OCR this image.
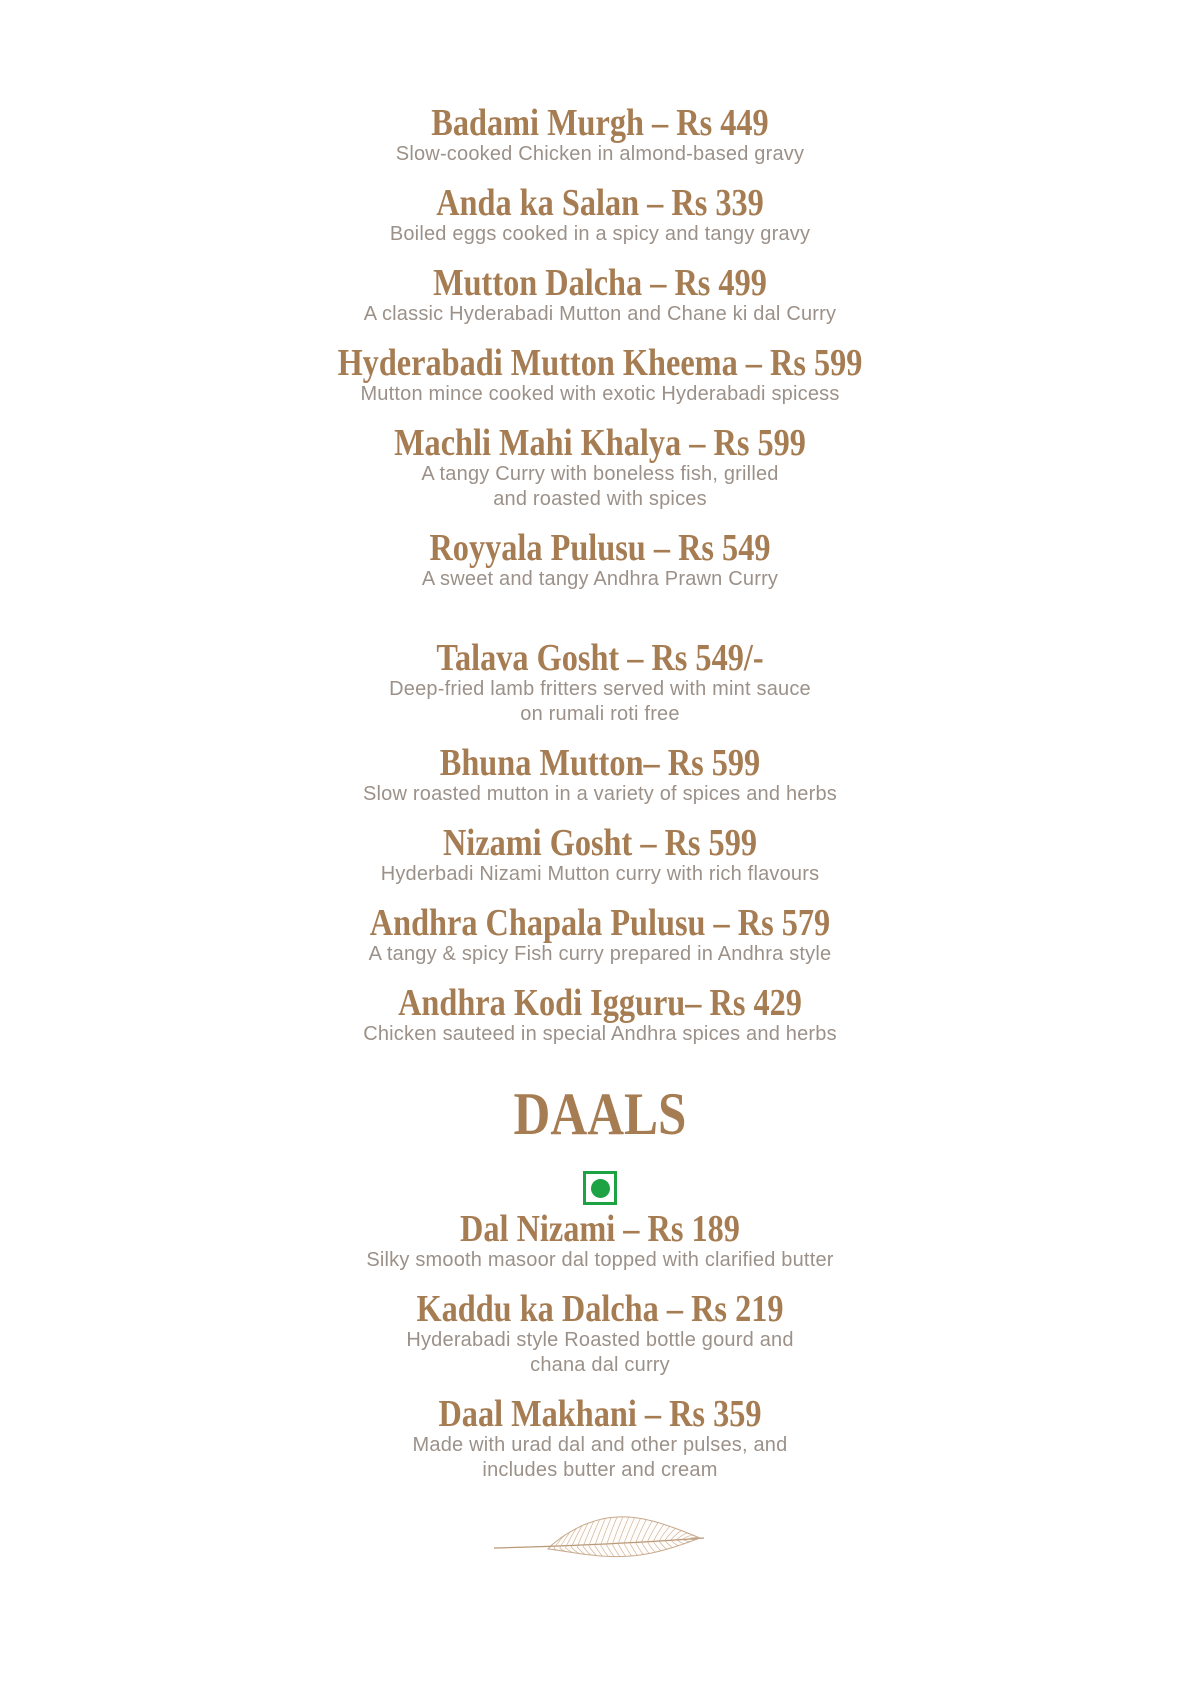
Badami Murgh – Rs 449
Slow-cooked Chicken in almond-based gravy
Anda ka Salan – Rs 339
Boiled eggs cooked in a spicy and tangy gravy
Mutton Dalcha – Rs 499
A classic Hyderabadi Mutton and Chane ki dal Curry
Hyderabadi Mutton Kheema – Rs 599
Mutton mince cooked with exotic Hyderabadi spicess
Machli Mahi Khalya – Rs 599
A tangy Curry with boneless fish, grilled
and roasted with spices
Royyala Pulusu – Rs 549
A sweet and tangy Andhra Prawn Curry
Talava Gosht – Rs 549/-
Deep-fried lamb fritters served with mint sauce
on rumali roti free
Bhuna Mutton– Rs 599
Slow roasted mutton in a variety of spices and herbs
Nizami Gosht – Rs 599
Hyderbadi Nizami Mutton curry with rich flavours
Andhra Chapala Pulusu – Rs 579
A tangy & spicy Fish curry prepared in Andhra style
Andhra Kodi Igguru– Rs 429
Chicken sauteed in special Andhra spices and herbs
DAALS
Dal Nizami – Rs 189
Silky smooth masoor dal topped with clarified butter
Kaddu ka Dalcha – Rs 219
Hyderabadi style Roasted bottle gourd and
chana dal curry
Daal Makhani – Rs 359
Made with urad dal and other pulses, and
includes butter and cream
